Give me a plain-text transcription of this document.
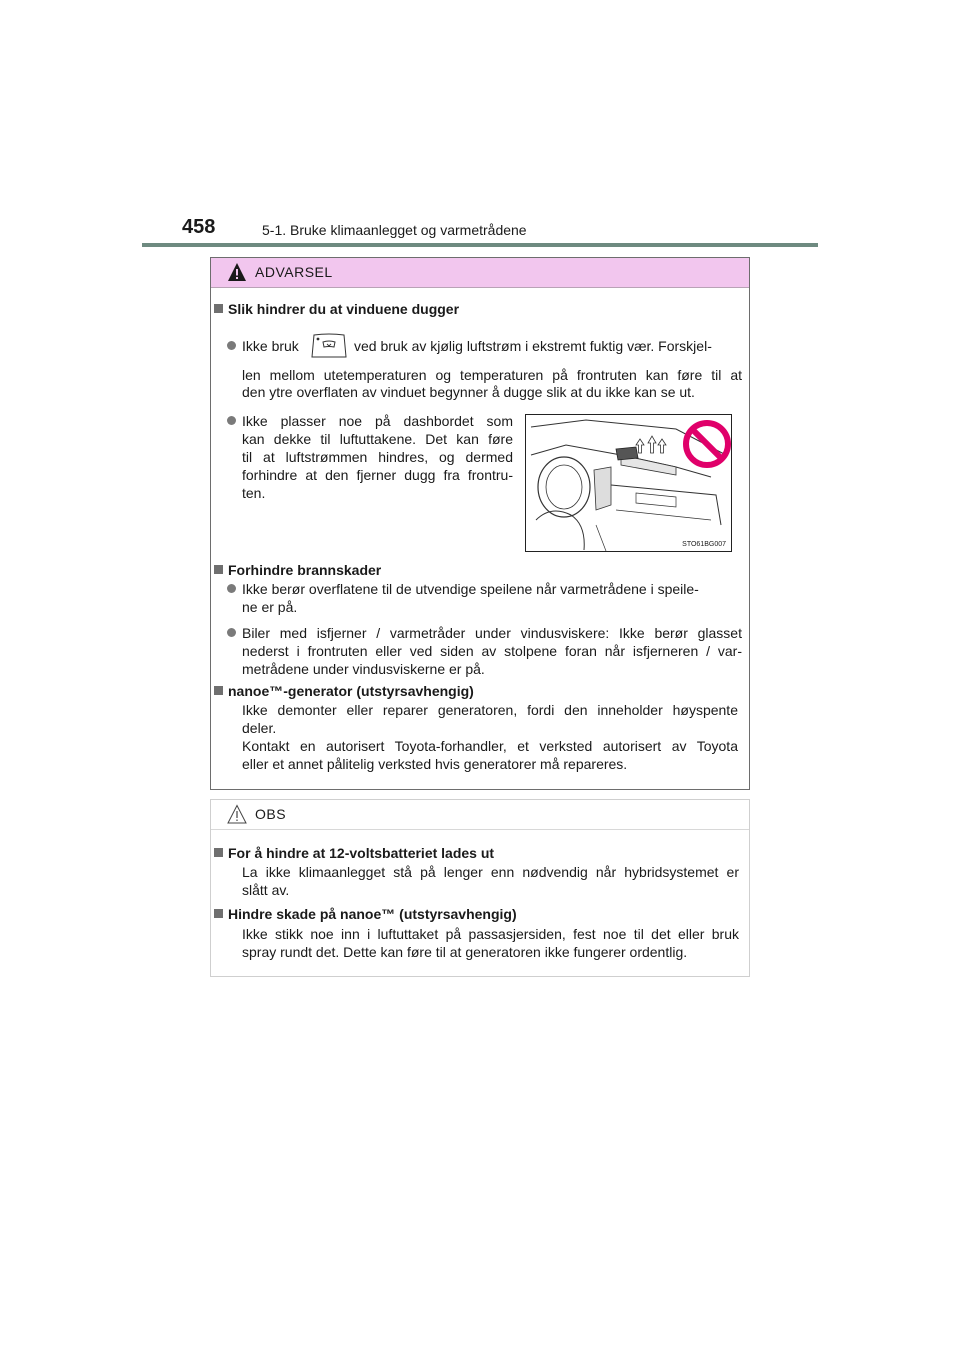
458	5-1. Bruke klimaanlegget og varmetrådene
ADVARSEL
Slik hindrer du at vinduene dugger
Ikke bruk	ved bruk av kjølig luftstrøm i ekstremt fuktig vær. Forskjel-
len mellom utetemperaturen og temperaturen på frontruten kan føre til at
den ytre overflaten av vinduet begynner å dugge slik at du ikke kan se ut.
Ikke plasser noe på dashbordet som
kan dekke til luftuttakene. Det kan føre
til at luftstrømmen hindres, og dermed
forhindre at den fjerner dugg fra frontru-
ten.
STO61BG007
Forhindre brannskader
Ikke berør overflatene til de utvendige speilene når varmetrådene i speile-
ne er på.
Biler med isfjerner / varmetråder under vindusviskere: Ikke berør glasset
nederst i frontruten eller ved siden av stolpene foran når isfjerneren / var-
metrådene under vindusviskerne er på.
nanoe™-generator (utstyrsavhengig)
Ikke demonter eller reparer generatoren, fordi den inneholder høyspente
deler.
Kontakt en autorisert Toyota-forhandler, et verksted autorisert av Toyota
eller et annet pålitelig verksted hvis generatorer må repareres.
OBS
For å hindre at 12-voltsbatteriet lades ut
La ikke klimaanlegget stå på lenger enn nødvendig når hybridsystemet er
slått av.
Hindre skade på nanoe™ (utstyrsavhengig)
Ikke stikk noe inn i luftuttaket på passasjersiden, fest noe til det eller bruk
spray rundt det. Dette kan føre til at generatoren ikke fungerer ordentlig.
